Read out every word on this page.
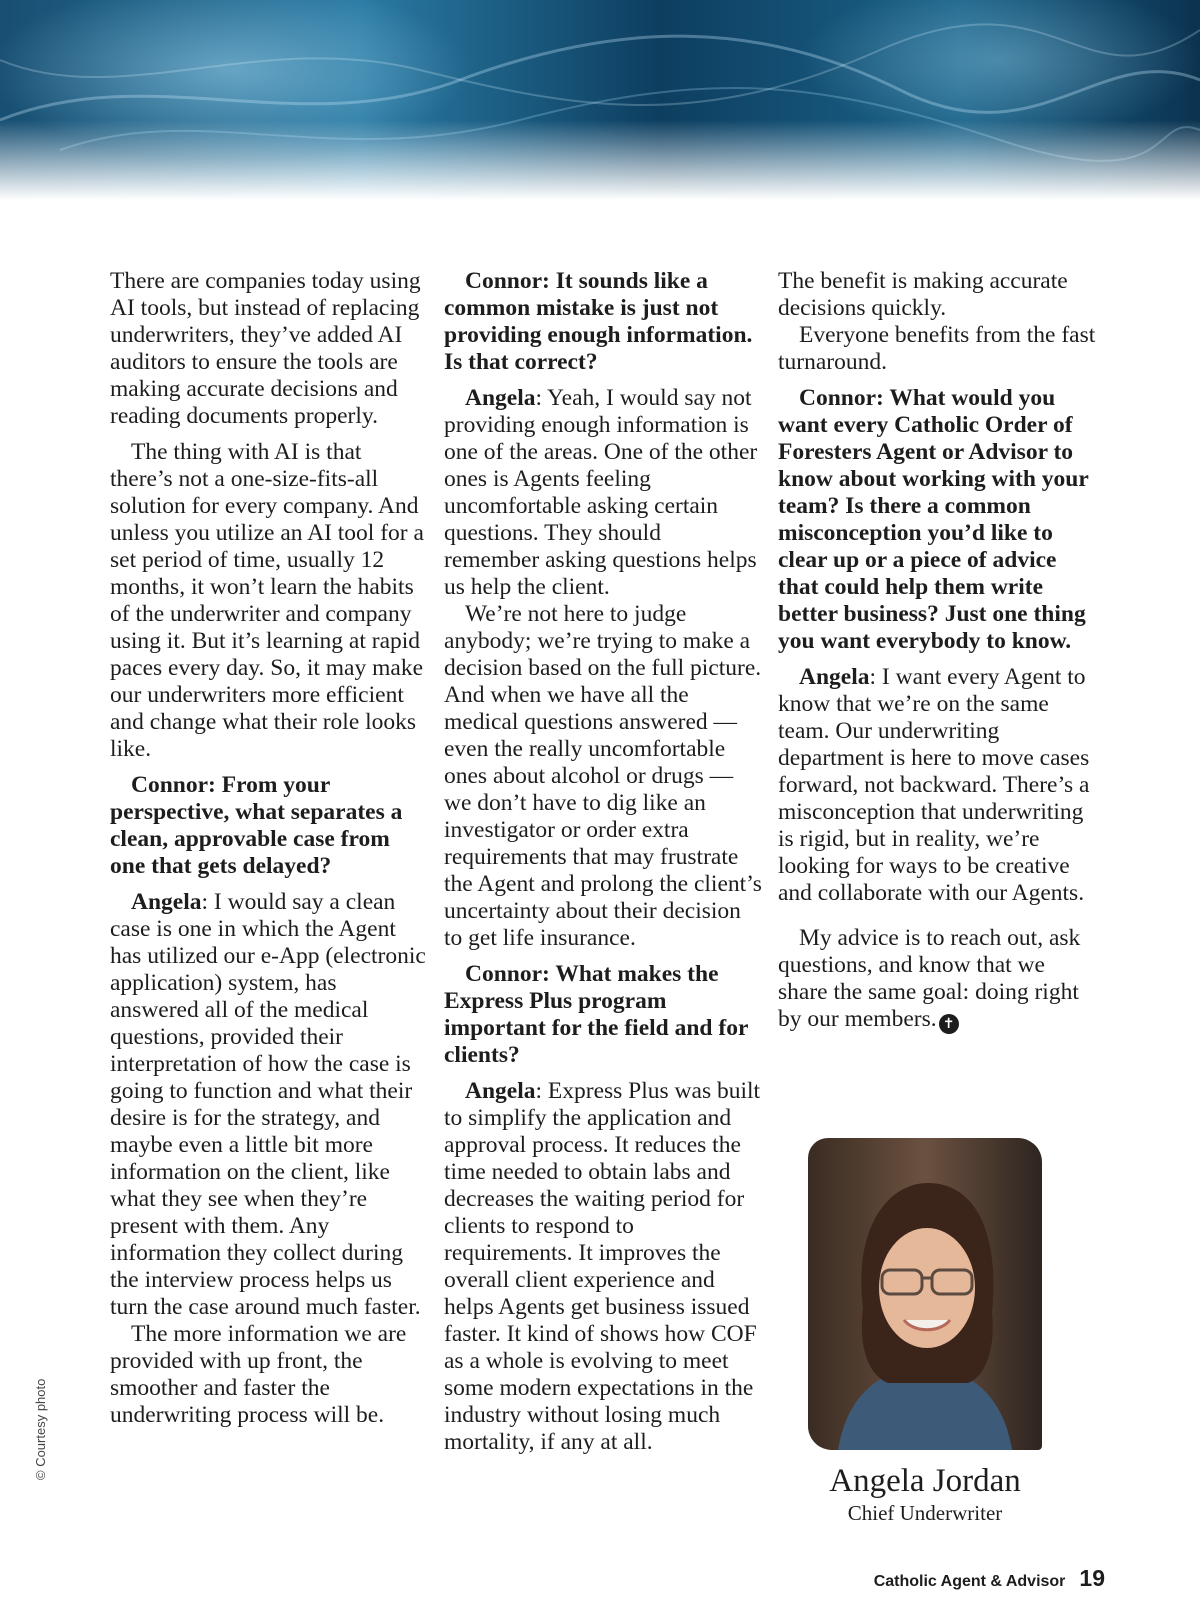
There are companies today using AI tools, but instead of replacing underwriters, they’ve added AI auditors to ensure the tools are making accurate decisions and reading documents properly.

The thing with AI is that there’s not a one-size-fits-all solution for every company. And unless you utilize an AI tool for a set period of time, usually 12 months, it won’t learn the habits of the underwriter and company using it. But it’s learning at rapid paces every day. So, it may make our underwriters more efficient and change what their role looks like.

Connor: From your perspective, what separates a clean, approvable case from one that gets delayed?

Angela: I would say a clean case is one in which the Agent has utilized our e-App (electronic application) system, has answered all of the medical questions, provided their interpretation of how the case is going to function and what their desire is for the strategy, and maybe even a little bit more information on the client, like what they see when they’re present with them. Any information they collect during the interview process helps us turn the case around much faster.

The more information we are provided with up front, the smoother and faster the underwriting process will be.

Connor: It sounds like a common mistake is just not providing enough information. Is that correct?

Angela: Yeah, I would say not providing enough information is one of the areas. One of the other ones is Agents feeling uncomfortable asking certain questions. They should remember asking questions helps us help the client.

We’re not here to judge anybody; we’re trying to make a decision based on the full picture. And when we have all the medical questions answered — even the really uncomfortable ones about alcohol or drugs — we don’t have to dig like an investigator or order extra requirements that may frustrate the Agent and prolong the client’s uncertainty about their decision to get life insurance.

Connor: What makes the Express Plus program important for the field and for clients?

Angela: Express Plus was built to simplify the application and approval process. It reduces the time needed to obtain labs and decreases the waiting period for clients to respond to requirements. It improves the overall client experience and helps Agents get business issued faster. It kind of shows how COF as a whole is evolving to meet some modern expectations in the industry without losing much mortality, if any at all.

The benefit is making accurate decisions quickly.

Everyone benefits from the fast turnaround.

Connor: What would you want every Catholic Order of Foresters Agent or Advisor to know about working with your team? Is there a common misconception you’d like to clear up or a piece of advice that could help them write better business? Just one thing you want everybody to know.

Angela: I want every Agent to know that we’re on the same team. Our underwriting department is here to move cases forward, not backward. There’s a misconception that underwriting is rigid, but in reality, we’re looking for ways to be creative and collaborate with our Agents.

My advice is to reach out, ask questions, and know that we share the same goal: doing right by our members. ✝

Angela Jordan
Chief Underwriter
© Courtesy photo
Catholic Agent & Advisor 19
